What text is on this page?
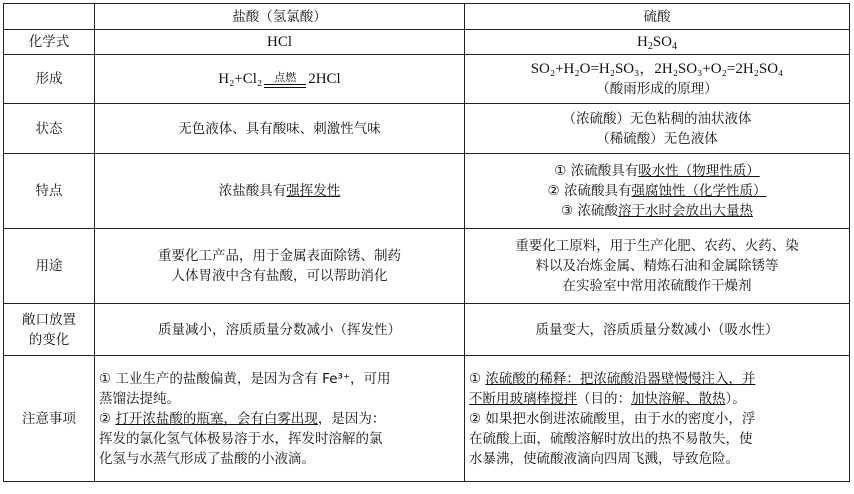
	盐酸（氢氯酸）	硫酸
化学式	HCl	$H_2SO_4$
形成	H₂+Cl₂ 点燃 2HCl	SO₂+H₂O=H₂SO₃，2H₂SO₃+O₂=2H₂SO₄
（酸雨形成的原理）

状态	无色液体、具有酸味、刺激性气味	（浓硫酸）无色粘稠的油状液体
（稀硫酸）无色液体

特点	浓盐酸具有强挥发性	① 浓硫酸具有吸水性（物理性质）
② 浓硫酸具有强腐蚀性（化学性质）
③ 浓硫酸溶于水时会放出大量热

用途	重要化工产品，用于金属表面除锈、制药
人体胃液中含有盐酸，可以帮助消化	重要化工原料，用于生产化肥、农药、火药、染
料以及冶炼金属、精炼石油和金属除锈等
在实验室中常用浓硫酸作干燥剂

敞口放置
的变化	质量减小，溶质质量分数减小（挥发性）	质量变大，溶质质量分数减小（吸水性）
注意事项	① 工业生产的盐酸偏黄，是因为含有 Fe³⁺，可用
蒸馏法提纯。
② 打开浓盐酸的瓶塞，会有白雾出现，是因为：
挥发的氯化氢气体极易溶于水，挥发时溶解的氯
化氢与水蒸气形成了盐酸的小液滴。	① 浓硫酸的稀释：把浓硫酸沿器壁慢慢注入，并
不断用玻璃棒搅拌（目的：加快溶解、散热）。
② 如果把水倒进浓硫酸里，由于水的密度小，浮
在硫酸上面，硫酸溶解时放出的热不易散失，使
水暴沸，使硫酸液滴向四周飞溅，导致危险。
